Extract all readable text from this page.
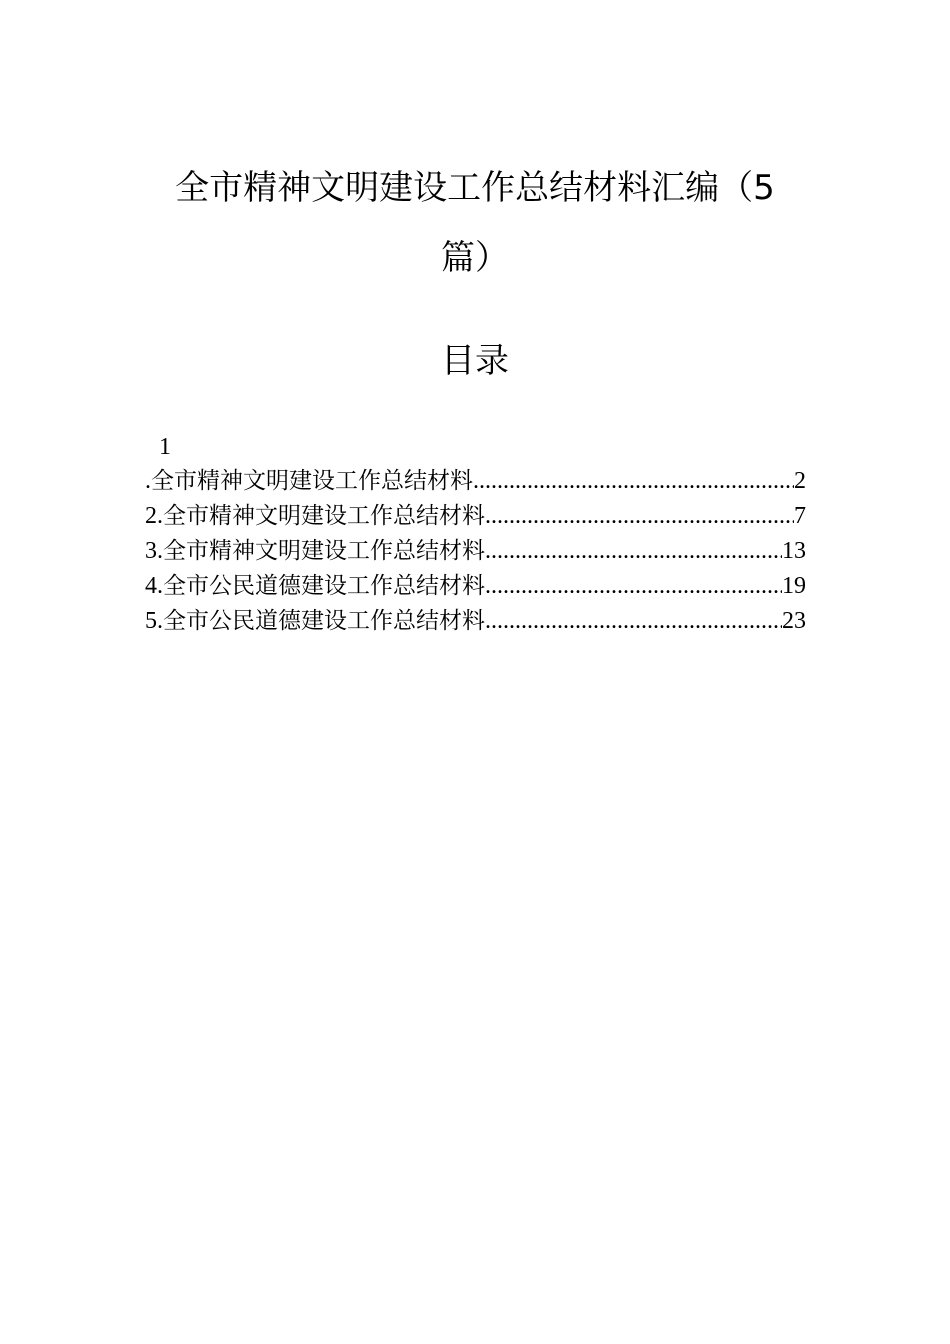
全市精神文明建设工作总结材料汇编（5
篇）
目录
1
.全市精神文明建设工作总结材料 .....	2
2.全市精神文明建设工作总结材料 .....	7
3.全市精神文明建设工作总结材料 .....	13
4.全市公民道德建设工作总结材料 .....	19
5.全市公民道德建设工作总结材料 .....	23
